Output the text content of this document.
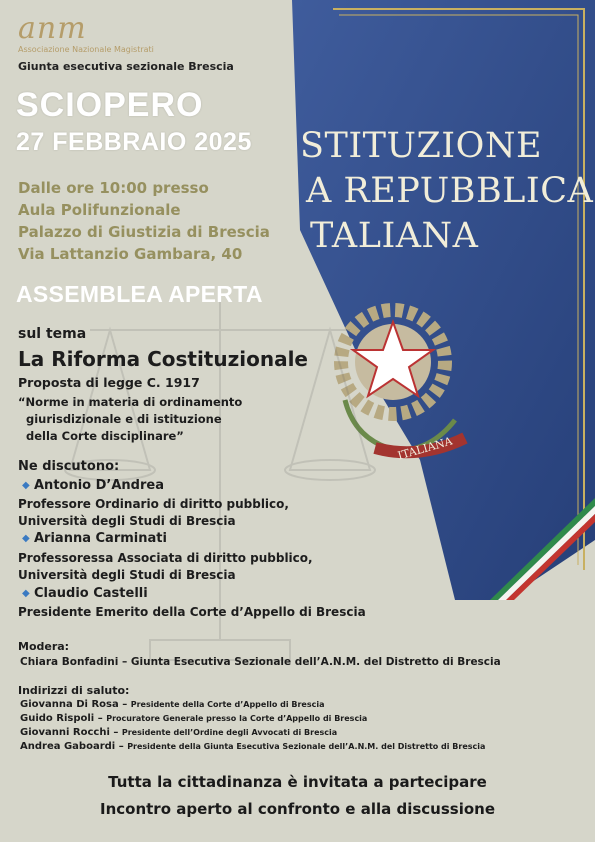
STITUZIONE
A REPUBBLICA
TALIANA
ITALIANA
anm
Associazione Nazionale Magistrati
Giunta esecutiva sezionale Brescia
SCIOPERO
27 FEBBRAIO 2025
Dalle ore 10:00 presso
Aula Polifunzionale
Palazzo di Giustizia di Brescia
Via Lattanzio Gambara, 40
ASSEMBLEA APERTA
sul tema
La Riforma Costituzionale
Proposta di legge C. 1917
“Norme in materia di ordinamento
giurisdizionale e di istituzione
della Corte disciplinare”
Ne discutono:
◆ Antonio D’Andrea
Professore Ordinario di diritto pubblico,
Università degli Studi di Brescia
◆ Arianna Carminati
Professoressa Associata di diritto pubblico,
Università degli Studi di Brescia
◆ Claudio Castelli
Presidente Emerito della Corte d’Appello di Brescia
Modera:
Chiara Bonfadini – Giunta Esecutiva Sezionale dell’A.N.M. del Distretto di Brescia
Indirizzi di saluto:
Giovanna Di Rosa – Presidente della Corte d’Appello di Brescia
Guido Rispoli – Procuratore Generale presso la Corte d’Appello di Brescia
Giovanni Rocchi – Presidente dell’Ordine degli Avvocati di Brescia
Andrea Gaboardi – Presidente della Giunta Esecutiva Sezionale dell’A.N.M. del Distretto di Brescia
Tutta la cittadinanza è invitata a partecipare
Incontro aperto al confronto e alla discussione
